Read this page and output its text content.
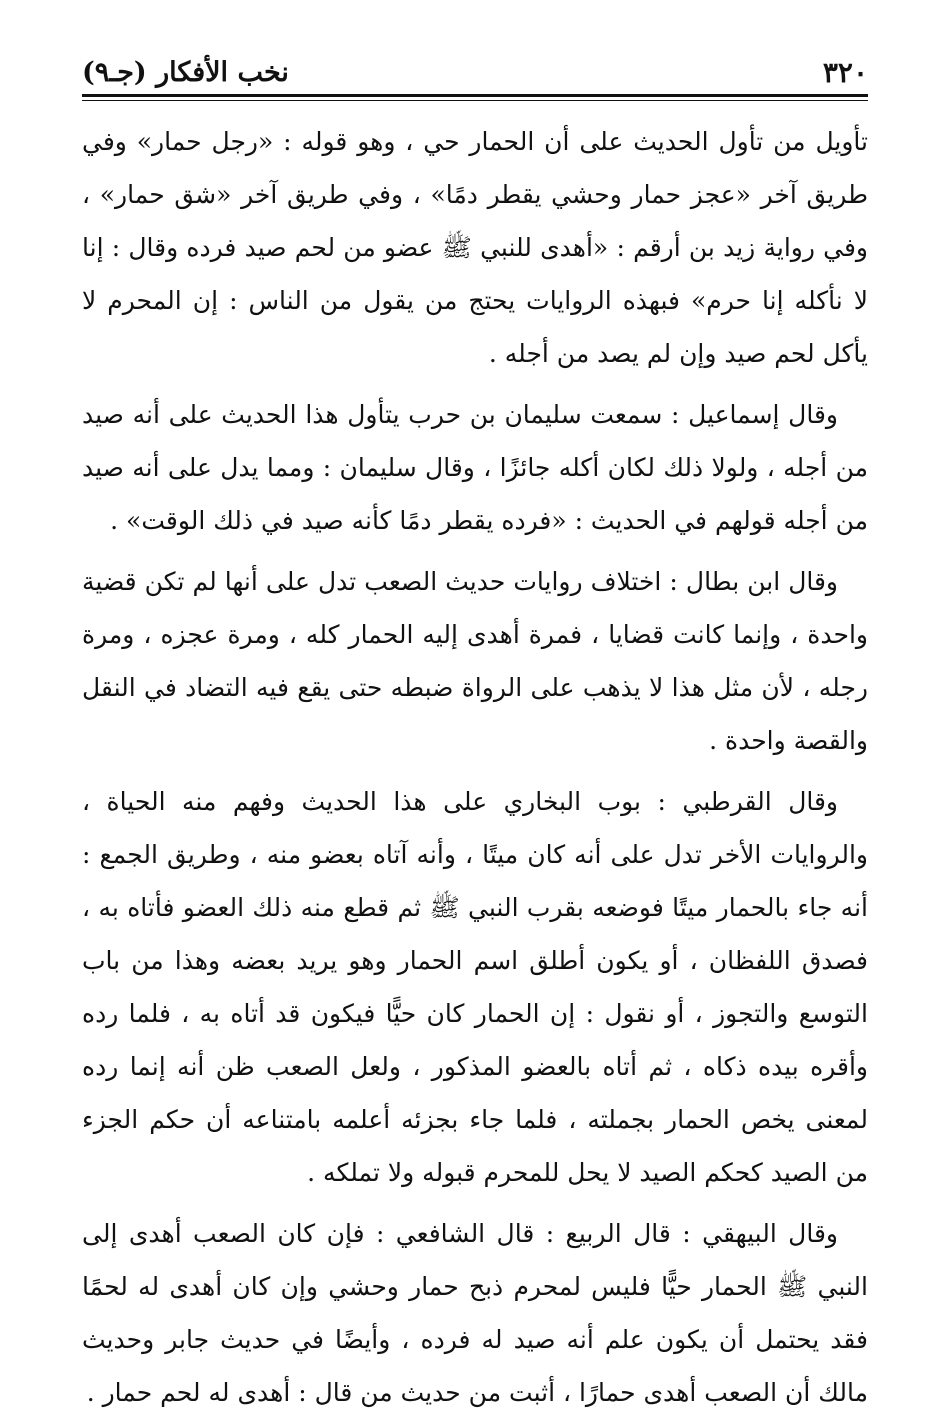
٣٢٠
نخب الأفكار (جـ٩)

تأويل من تأول الحديث على أن الحمار حي ، وهو قوله : «رجل حمار» وفي طريق آخر «عجز حمار وحشي يقطر دمًا» ، وفي طريق آخر «شق حمار» ، وفي رواية زيد بن أرقم : «أهدى للنبي ﷺ عضو من لحم صيد فرده وقال : إنا لا نأكله إنا حرم» فبهذه الروايات يحتج من يقول من الناس : إن المحرم لا يأكل لحم صيد وإن لم يصد من أجله .

وقال إسماعيل : سمعت سليمان بن حرب يتأول هذا الحديث على أنه صيد من أجله ، ولولا ذلك لكان أكله جائزًا ، وقال سليمان : ومما يدل على أنه صيد من أجله قولهم في الحديث : «فرده يقطر دمًا كأنه صيد في ذلك الوقت» .

وقال ابن بطال : اختلاف روايات حديث الصعب تدل على أنها لم تكن قضية واحدة ، وإنما كانت قضايا ، فمرة أهدى إليه الحمار كله ، ومرة عجزه ، ومرة رجله ، لأن مثل هذا لا يذهب على الرواة ضبطه حتى يقع فيه التضاد في النقل والقصة واحدة .

وقال القرطبي : بوب البخاري على هذا الحديث وفهم منه الحياة ، والروايات الأخر تدل على أنه كان ميتًا ، وأنه آتاه بعضو منه ، وطريق الجمع : أنه جاء بالحمار ميتًا فوضعه بقرب النبي ﷺ ثم قطع منه ذلك العضو فأتاه به ، فصدق اللفظان ، أو يكون أطلق اسم الحمار وهو يريد بعضه وهذا من باب التوسع والتجوز ، أو نقول : إن الحمار كان حيًّا فيكون قد أتاه به ، فلما رده وأقره بيده ذكاه ، ثم أتاه بالعضو المذكور ، ولعل الصعب ظن أنه إنما رده لمعنى يخص الحمار بجملته ، فلما جاء بجزئه أعلمه بامتناعه أن حكم الجزء من الصيد كحكم الصيد لا يحل للمحرم قبوله ولا تملكه .

وقال البيهقي : قال الربيع : قال الشافعي : فإن كان الصعب أهدى إلى النبي ﷺ الحمار حيًّا فليس لمحرم ذبح حمار وحشي وإن كان أهدى له لحمًا فقد يحتمل أن يكون علم أنه صيد له فرده ، وأيضًا في حديث جابر وحديث مالك أن الصعب أهدى حمارًا ، أثبت من حديث من قال : أهدى له لحم حمار .
